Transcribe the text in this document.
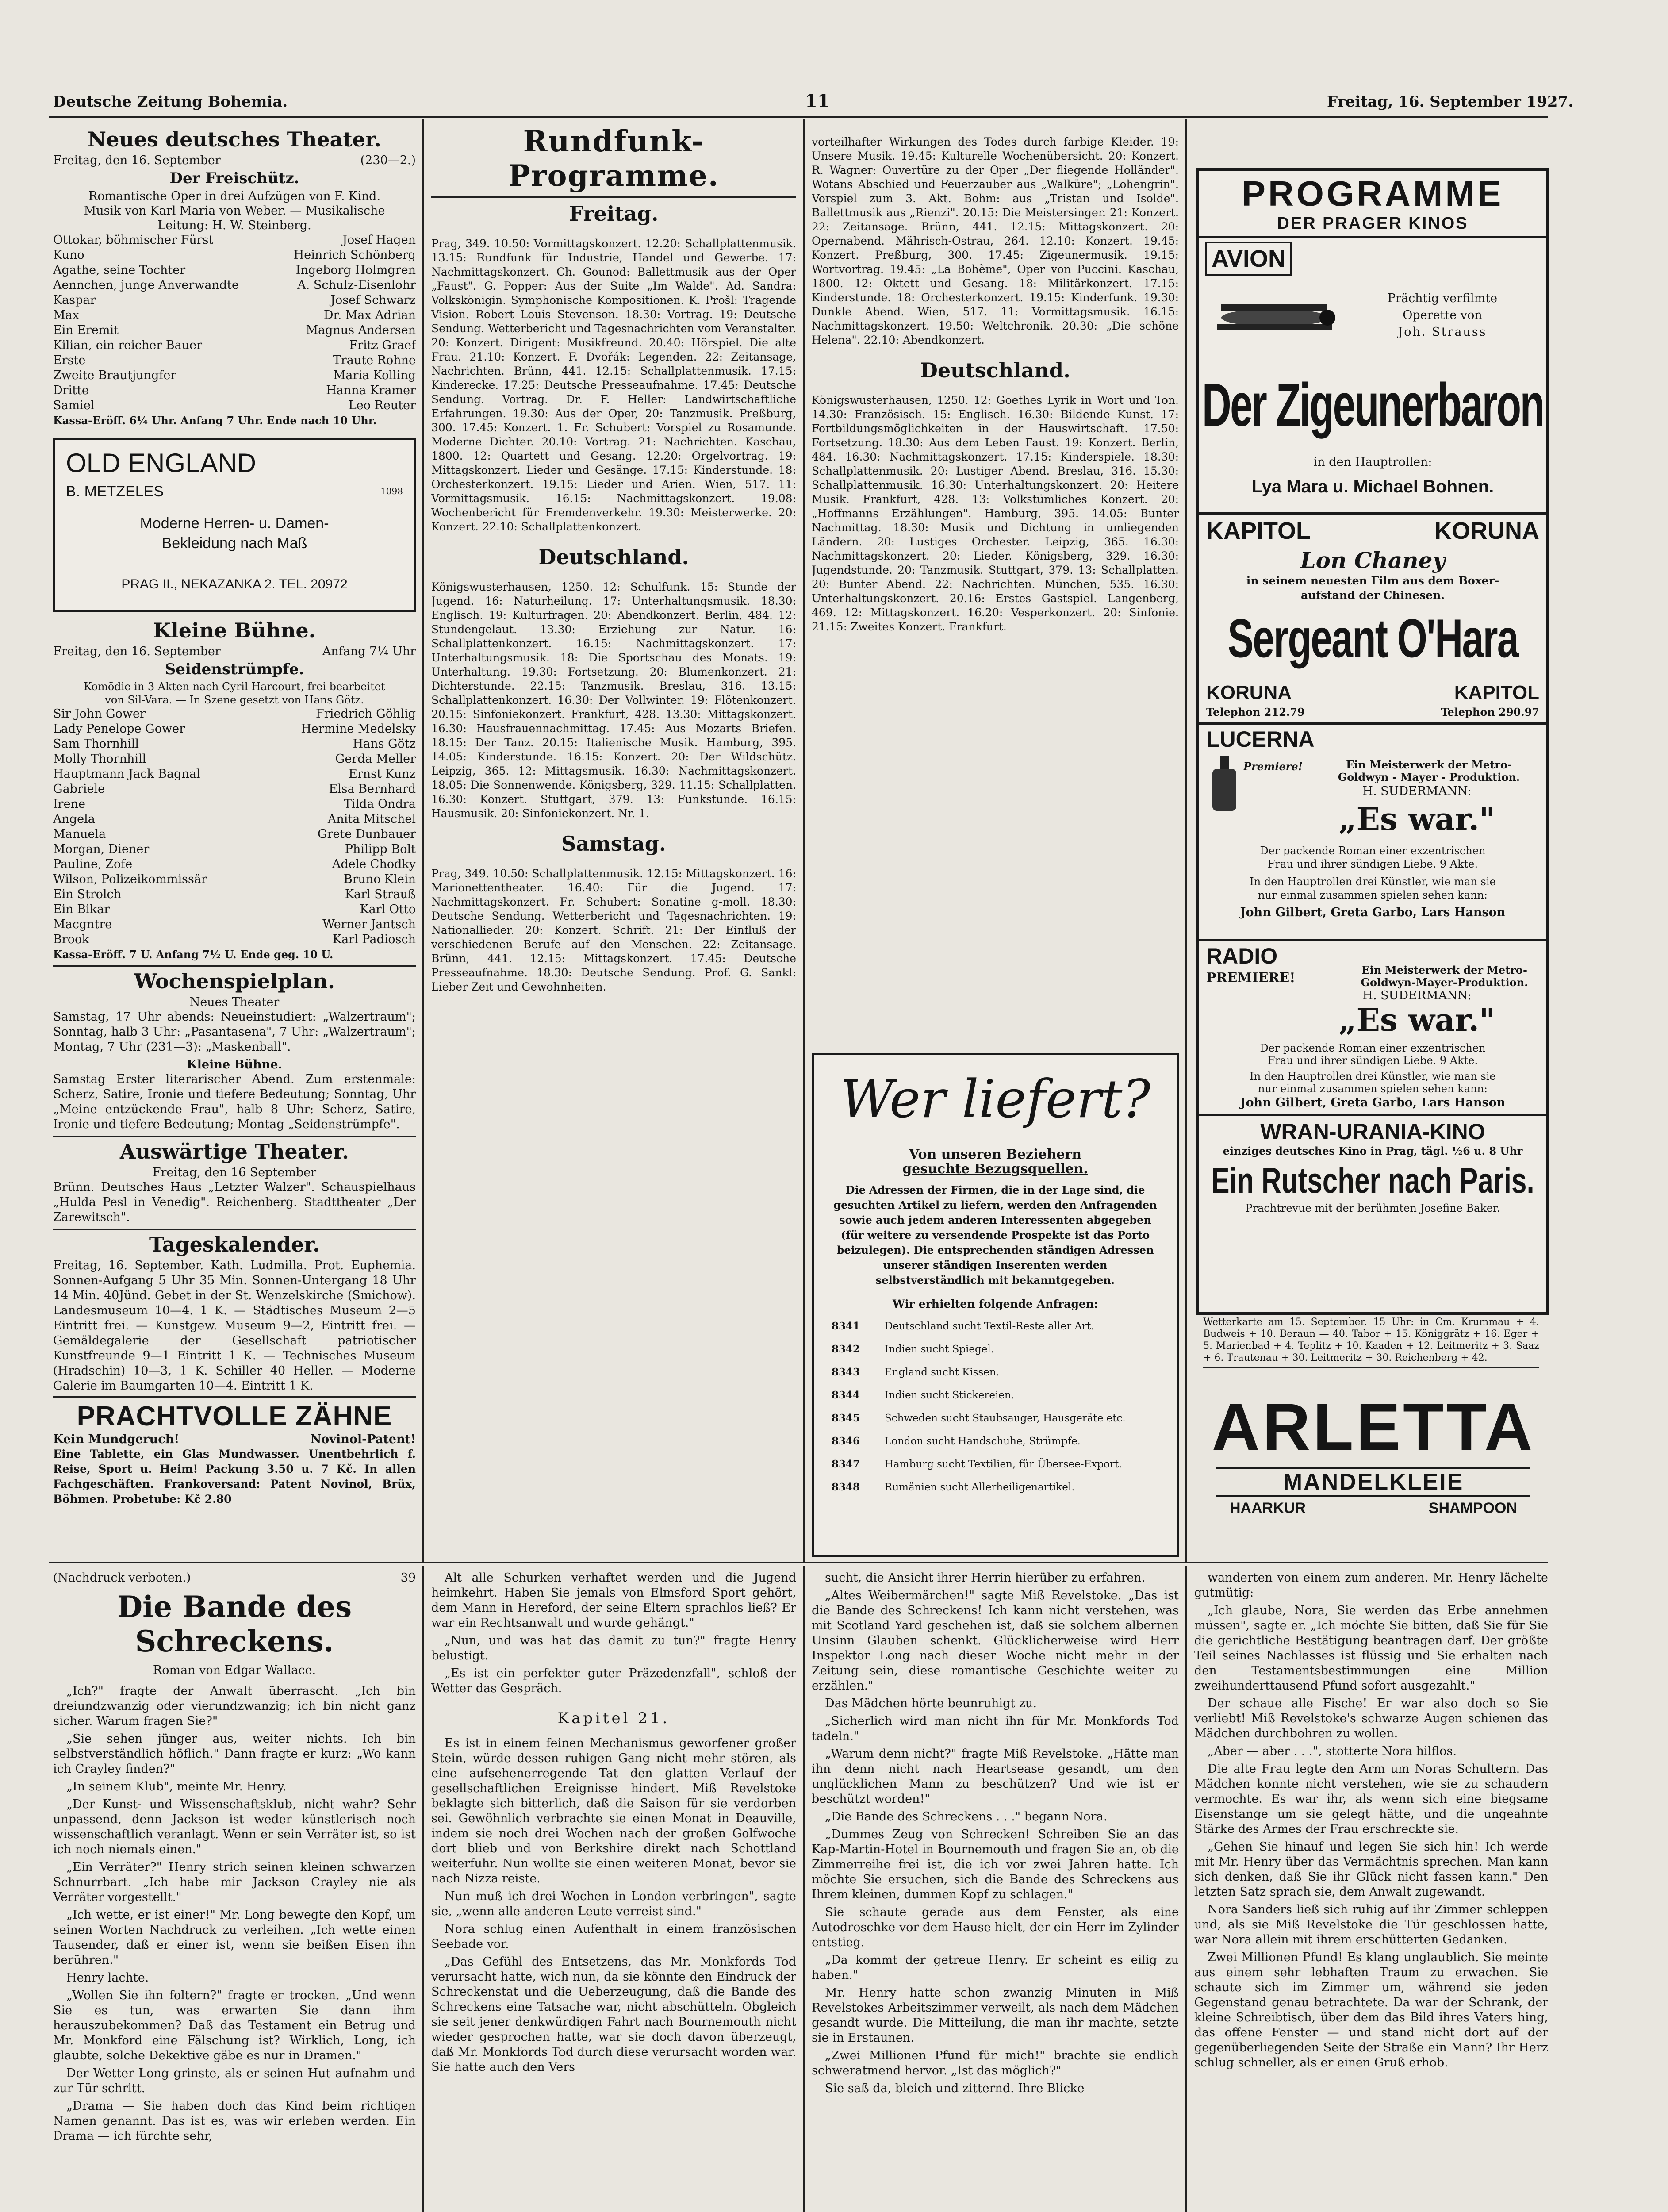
Deutsche Zeitung Bohemia.	11	Freitag, 16. September 1927.
Neues deutsches Theater.
Freitag, den 16. September	(230—2.)
Der Freischütz.
Romantische Oper in drei Aufzügen von F. Kind.
Musik von Karl Maria von Weber. — Musikalische
Leitung: H. W. Steinberg.
Ottokar, böhmischer Fürst	Josef Hagen
Kuno	Heinrich Schönberg
Agathe, seine Tochter	Ingeborg Holmgren
Aennchen, junge Anverwandte	A. Schulz-Eisenlohr
Kaspar	Josef Schwarz
Max	Dr. Max Adrian
Ein Eremit	Magnus Andersen
Kilian, ein reicher Bauer	Fritz Graef
Erste	Traute Rohne
Zweite Brautjungfer	Maria Kolling
Dritte	Hanna Kramer
Samiel	Leo Reuter
Kassa-Eröff. 6¼ Uhr. Anfang 7 Uhr. Ende nach 10 Uhr.
OLD ENGLAND
B. METZELES	1098
Moderne Herren- u. Damen-
Bekleidung nach Maß
PRAG II., NEKAZANKA 2. TEL. 20972
Kleine Bühne.
Freitag, den 16. September	Anfang 7¼ Uhr
Seidenstrümpfe.
Komödie in 3 Akten nach Cyril Harcourt, frei bearbeitet
von Sil-Vara. — In Szene gesetzt von Hans Götz.
Sir John Gower	Friedrich Göhlig
Lady Penelope Gower	Hermine Medelsky
Sam Thornhill	Hans Götz
Molly Thornhill	Gerda Meller
Hauptmann Jack Bagnal	Ernst Kunz
Gabriele	Elsa Bernhard
Irene	Tilda Ondra
Angela	Anita Mitschel
Manuela	Grete Dunbauer
Morgan, Diener	Philipp Bolt
Pauline, Zofe	Adele Chodky
Wilson, Polizeikommissär	Bruno Klein
Ein Strolch	Karl Strauß
Ein Bikar	Karl Otto
Macgntre	Werner Jantsch
Brook	Karl Padiosch
Kassa-Eröff. 7 U. Anfang 7½ U. Ende geg. 10 U.
Wochenspielplan.
Neues Theater

Samstag, 17 Uhr abends: Neueinstudiert: „Walzertraum"; Sonntag, halb 3 Uhr: „Pasantasena", 7 Uhr: „Walzertraum"; Montag, 7 Uhr (231—3): „Maskenball".

Kleine Bühne.

Samstag Erster literarischer Abend. Zum erstenmale: Scherz, Satire, Ironie und tiefere Bedeutung; Sonntag, Uhr „Meine entzückende Frau", halb 8 Uhr: Scherz, Satire, Ironie und tiefere Bedeutung; Montag „Seidenstrümpfe".

Auswärtige Theater.
Freitag, den 16 September

Brünn. Deutsches Haus „Letzter Walzer". Schauspielhaus „Hulda Pesl in Venedig". Reichenberg. Stadttheater „Der Zarewitsch".

Tageskalender.

Freitag, 16. September. Kath. Ludmilla. Prot. Euphemia. Sonnen-Aufgang 5 Uhr 35 Min. Sonnen-Untergang 18 Uhr 14 Min. 40Jünd. Gebet in der St. Wenzelskirche (Smichow). Landesmuseum 10—4. 1 K. — Städtisches Museum 2—5 Eintritt frei. — Kunstgew. Museum 9—2, Eintritt frei. — Gemäldegalerie der Gesellschaft patriotischer Kunstfreunde 9—1 Eintritt 1 K. — Technisches Museum (Hradschin) 10—3, 1 K. Schiller 40 Heller. — Moderne Galerie im Baumgarten 10—4. Eintritt 1 K.

PRACHTVOLLE ZÄHNE
Kein Mundgeruch!	Novinol-Patent!

Eine Tablette, ein Glas Mundwasser. Unentbehrlich f. Reise, Sport u. Heim! Packung 3.50 u. 7 Kč. In allen Fachgeschäften. Frankoversand: Patent Novinol, Brüx, Böhmen. Probetube: Kč 2.80

Rundfunk-Programme.
Freitag.

Prag, 349. 10.50: Vormittagskonzert. 12.20: Schallplattenmusik. 13.15: Rundfunk für Industrie, Handel und Gewerbe. 17: Nachmittagskonzert. Ch. Gounod: Ballettmusik aus der Oper „Faust". G. Popper: Aus der Suite „Im Walde". Ad. Sandra: Volkskönigin. Symphonische Kompositionen. K. Prošl: Tragende Vision. Robert Louis Stevenson. 18.30: Vortrag. 19: Deutsche Sendung. Wetterbericht und Tagesnachrichten vom Veranstalter. 20: Konzert. Dirigent: Musikfreund. 20.40: Hörspiel. Die alte Frau. 21.10: Konzert. F. Dvořák: Legenden. 22: Zeitansage, Nachrichten. Brünn, 441. 12.15: Schallplattenmusik. 17.15: Kinderecke. 17.25: Deutsche Presseaufnahme. 17.45: Deutsche Sendung. Vortrag. Dr. F. Heller: Landwirtschaftliche Erfahrungen. 19.30: Aus der Oper, 20: Tanzmusik. Preßburg, 300. 17.45: Konzert. 1. Fr. Schubert: Vorspiel zu Rosamunde. Moderne Dichter. 20.10: Vortrag. 21: Nachrichten. Kaschau, 1800. 12: Quartett und Gesang. 12.20: Orgelvortrag. 19: Mittagskonzert. Lieder und Gesänge. 17.15: Kinderstunde. 18: Orchesterkonzert. 19.15: Lieder und Arien. Wien, 517. 11: Vormittagsmusik. 16.15: Nachmittagskonzert. 19.08: Wochenbericht für Fremdenverkehr. 19.30: Meisterwerke. 20: Konzert. 22.10: Schallplattenkonzert.

Deutschland.

Königswusterhausen, 1250. 12: Schulfunk. 15: Stunde der Jugend. 16: Naturheilung. 17: Unterhaltungsmusik. 18.30: Englisch. 19: Kulturfragen. 20: Abendkonzert. Berlin, 484. 12: Stundengelaut. 13.30: Erziehung zur Natur. 16: Schallplattenkonzert. 16.15: Nachmittagskonzert. 17: Unterhaltungsmusik. 18: Die Sportschau des Monats. 19: Unterhaltung. 19.30: Fortsetzung. 20: Blumenkonzert. 21: Dichterstunde. 22.15: Tanzmusik. Breslau, 316. 13.15: Schallplattenkonzert. 16.30: Der Vollwinter. 19: Flötenkonzert. 20.15: Sinfoniekonzert. Frankfurt, 428. 13.30: Mittagskonzert. 16.30: Hausfrauennachmittag. 17.45: Aus Mozarts Briefen. 18.15: Der Tanz. 20.15: Italienische Musik. Hamburg, 395. 14.05: Kinderstunde. 16.15: Konzert. 20: Der Wildschütz. Leipzig, 365. 12: Mittagsmusik. 16.30: Nachmittagskonzert. 18.05: Die Sonnenwende. Königsberg, 329. 11.15: Schallplatten. 16.30: Konzert. Stuttgart, 379. 13: Funkstunde. 16.15: Hausmusik. 20: Sinfoniekonzert. Nr. 1.

Samstag.

Prag, 349. 10.50: Schallplattenmusik. 12.15: Mittagskonzert. 16: Marionettentheater. 16.40: Für die Jugend. 17: Nachmittagskonzert. Fr. Schubert: Sonatine g-moll. 18.30: Deutsche Sendung. Wetterbericht und Tagesnachrichten. 19: Nationallieder. 20: Konzert. Schrift. 21: Der Einfluß der verschiedenen Berufe auf den Menschen. 22: Zeitansage. Brünn, 441. 12.15: Mittagskonzert. 17.45: Deutsche Presseaufnahme. 18.30: Deutsche Sendung. Prof. G. Sankl: Lieber Zeit und Gewohnheiten.

vorteilhafter Wirkungen des Todes durch farbige Kleider. 19: Unsere Musik. 19.45: Kulturelle Wochenübersicht. 20: Konzert. R. Wagner: Ouvertüre zu der Oper „Der fliegende Holländer". Wotans Abschied und Feuerzauber aus „Walküre"; „Lohengrin". Vorspiel zum 3. Akt. Bohm: aus „Tristan und Isolde". Ballettmusik aus „Rienzi". 20.15: Die Meistersinger. 21: Konzert. 22: Zeitansage. Brünn, 441. 12.15: Mittagskonzert. 20: Opernabend. Mährisch-Ostrau, 264. 12.10: Konzert. 19.45: Konzert. Preßburg, 300. 17.45: Zigeunermusik. 19.15: Wortvortrag. 19.45: „La Bohème", Oper von Puccini. Kaschau, 1800. 12: Oktett und Gesang. 18: Militärkonzert. 17.15: Kinderstunde. 18: Orchesterkonzert. 19.15: Kinderfunk. 19.30: Dunkle Abend. Wien, 517. 11: Vormittagsmusik. 16.15: Nachmittagskonzert. 19.50: Weltchronik. 20.30: „Die schöne Helena". 22.10: Abendkonzert.

Deutschland.

Königswusterhausen, 1250. 12: Goethes Lyrik in Wort und Ton. 14.30: Französisch. 15: Englisch. 16.30: Bildende Kunst. 17: Fortbildungsmöglichkeiten in der Hauswirtschaft. 17.50: Fortsetzung. 18.30: Aus dem Leben Faust. 19: Konzert. Berlin, 484. 16.30: Nachmittagskonzert. 17.15: Kinderspiele. 18.30: Schallplattenmusik. 20: Lustiger Abend. Breslau, 316. 15.30: Schallplattenmusik. 16.30: Unterhaltungskonzert. 20: Heitere Musik. Frankfurt, 428. 13: Volkstümliches Konzert. 20: „Hoffmanns Erzählungen". Hamburg, 395. 14.05: Bunter Nachmittag. 18.30: Musik und Dichtung in umliegenden Ländern. 20: Lustiges Orchester. Leipzig, 365. 16.30: Nachmittagskonzert. 20: Lieder. Königsberg, 329. 16.30: Jugendstunde. 20: Tanzmusik. Stuttgart, 379. 13: Schallplatten. 20: Bunter Abend. 22: Nachrichten. München, 535. 16.30: Unterhaltungskonzert. 20.16: Erstes Gastspiel. Langenberg, 469. 12: Mittagskonzert. 16.20: Vesperkonzert. 20: Sinfonie. 21.15: Zweites Konzert. Frankfurt.

Wer liefert?
Von unseren Beziehern
gesuchte Bezugsquellen.

Die Adressen der Firmen, die in der Lage sind, die gesuchten Artikel zu liefern, werden den Anfragenden sowie auch jedem anderen Interessenten abgegeben (für weitere zu versendende Prospekte ist das Porto beizulegen). Die entsprechenden ständigen Adressen unserer ständigen Inserenten werden selbstverständlich mit bekanntgegeben.

Wir erhielten folgende Anfragen:
8341 Deutschland sucht Textil-Reste aller Art.
8342 Indien sucht Spiegel.
8343 England sucht Kissen.
8344 Indien sucht Stickereien.
8345 Schweden sucht Staubsauger, Hausgeräte etc.
8346 London sucht Handschuhe, Strümpfe.
8347 Hamburg sucht Textilien, für Übersee-Export.
8348 Rumänien sucht Allerheiligenartikel.
PROGRAMME
DER PRAGER KINOS
AVION
Prächtig verfilmte
Operette von
Joh. Strauss
Der Zigeunerbaron
in den Hauptrollen:
Lya Mara u. Michael Bohnen.
KAPITOL	KORUNA
Lon Chaney
in seinem neuesten Film aus dem Boxer-
aufstand der Chinesen.
Sergeant O'Hara
KORUNA	KAPITOL
Telephon 212.79	Telephon 290.97
LUCERNA
Premiere!	Ein Meisterwerk der Metro-
Goldwyn - Mayer - Produktion.
H. SUDERMANN:
„Es war."
Der packende Roman einer exzentrischen
Frau und ihrer sündigen Liebe. 9 Akte.
In den Hauptrollen drei Künstler, wie man sie
nur einmal zusammen spielen sehen kann:
John Gilbert, Greta Garbo, Lars Hanson
RADIO
PREMIERE!
Ein Meisterwerk der Metro-
Goldwyn-Mayer-Produktion.
H. SUDERMANN:
„Es war."
Der packende Roman einer exzentrischen
Frau und ihrer sündigen Liebe. 9 Akte.
In den Hauptrollen drei Künstler, wie man sie
nur einmal zusammen spielen sehen kann:
John Gilbert, Greta Garbo, Lars Hanson
WRAN-URANIA-KINO
einziges deutsches Kino in Prag, tägl. ½6 u. 8 Uhr
Ein Rutscher nach Paris.
Prachtrevue mit der berühmten Josefine Baker.

Wetterkarte am 15. September. 15 Uhr: in Cm. Krummau + 4. Budweis + 10. Beraun — 40. Tabor + 15. Königgrätz + 16. Eger + 5. Marienbad + 4. Teplitz + 10. Kaaden + 12. Leitmeritz + 3. Saaz + 6. Trautenau + 30. Leitmeritz + 30. Reichenberg + 42.

ARLETTA
MANDELKLEIE
HAARKUR	SHAMPOON
(Nachdruck verboten.)	39
Die Bande des Schreckens.
Roman von Edgar Wallace.

„Ich?" fragte der Anwalt überrascht. „Ich bin dreiundzwanzig oder vierundzwanzig; ich bin nicht ganz sicher. Warum fragen Sie?"

„Sie sehen jünger aus, weiter nichts. Ich bin selbstverständlich höflich." Dann fragte er kurz: „Wo kann ich Crayley finden?"

„In seinem Klub", meinte Mr. Henry.

„Der Kunst- und Wissenschaftsklub, nicht wahr? Sehr unpassend, denn Jackson ist weder künstlerisch noch wissenschaftlich veranlagt. Wenn er sein Verräter ist, so ist ich noch niemals einen."

„Ein Verräter?" Henry strich seinen kleinen schwarzen Schnurrbart. „Ich habe mir Jackson Crayley nie als Verräter vorgestellt."

„Ich wette, er ist einer!" Mr. Long bewegte den Kopf, um seinen Worten Nachdruck zu verleihen. „Ich wette einen Tausender, daß er einer ist, wenn sie beißen Eisen ihn berühren."

Henry lachte.

„Wollen Sie ihn foltern?" fragte er trocken. „Und wenn Sie es tun, was erwarten Sie dann ihm herauszubekommen? Daß das Testament ein Betrug und Mr. Monkford eine Fälschung ist? Wirklich, Long, ich glaubte, solche Dekektive gäbe es nur in Dramen."

Der Wetter Long grinste, als er seinen Hut aufnahm und zur Tür schritt.

„Drama — Sie haben doch das Kind beim richtigen Namen genannt. Das ist es, was wir erleben werden. Ein Drama — ich fürchte sehr,

Alt alle Schurken verhaftet werden und die Jugend heimkehrt. Haben Sie jemals von Elmsford Sport gehört, dem Mann in Hereford, der seine Eltern sprachlos ließ? Er war ein Rechtsanwalt und wurde gehängt."

„Nun, und was hat das damit zu tun?" fragte Henry belustigt.

„Es ist ein perfekter guter Präzedenzfall", schloß der Wetter das Gespräch.

Kapitel 21.

Es ist in einem feinen Mechanismus geworfener großer Stein, würde dessen ruhigen Gang nicht mehr stören, als eine aufsehenerregende Tat den glatten Verlauf der gesellschaftlichen Ereignisse hindert. Miß Revelstoke beklagte sich bitterlich, daß die Saison für sie verdorben sei. Gewöhnlich verbrachte sie einen Monat in Deauville, indem sie noch drei Wochen nach der großen Golfwoche dort blieb und von Berkshire direkt nach Schottland weiterfuhr. Nun wollte sie einen weiteren Monat, bevor sie nach Nizza reiste.

Nun muß ich drei Wochen in London verbringen", sagte sie, „wenn alle anderen Leute verreist sind."

Nora schlug einen Aufenthalt in einem französischen Seebade vor.

„Das Gefühl des Entsetzens, das Mr. Monkfords Tod verursacht hatte, wich nun, da sie könnte den Eindruck der Schreckenstat und die Ueberzeugung, daß die Bande des Schreckens eine Tatsache war, nicht abschütteln. Obgleich sie seit jener denkwürdigen Fahrt nach Bournemouth nicht wieder gesprochen hatte, war sie doch davon überzeugt, daß Mr. Monkfords Tod durch diese verursacht worden war. Sie hatte auch den Vers

sucht, die Ansicht ihrer Herrin hierüber zu erfahren.

„Altes Weibermärchen!" sagte Miß Revelstoke. „Das ist die Bande des Schreckens! Ich kann nicht verstehen, was mit Scotland Yard geschehen ist, daß sie solchem albernen Unsinn Glauben schenkt. Glücklicherweise wird Herr Inspektor Long nach dieser Woche nicht mehr in der Zeitung sein, diese romantische Geschichte weiter zu erzählen."

Das Mädchen hörte beunruhigt zu.

„Sicherlich wird man nicht ihn für Mr. Monkfords Tod tadeln."

„Warum denn nicht?" fragte Miß Revelstoke. „Hätte man ihn denn nicht nach Heartsease gesandt, um den unglücklichen Mann zu beschützen? Und wie ist er beschützt worden!"

„Die Bande des Schreckens . . ." begann Nora.

„Dummes Zeug von Schrecken! Schreiben Sie an das Kap-Martin-Hotel in Bournemouth und fragen Sie an, ob die Zimmerreihe frei ist, die ich vor zwei Jahren hatte. Ich möchte Sie ersuchen, sich die Bande des Schreckens aus Ihrem kleinen, dummen Kopf zu schlagen."

Sie schaute gerade aus dem Fenster, als eine Autodroschke vor dem Hause hielt, der ein Herr im Zylinder entstieg.

„Da kommt der getreue Henry. Er scheint es eilig zu haben."

Mr. Henry hatte schon zwanzig Minuten in Miß Revelstokes Arbeitszimmer verweilt, als nach dem Mädchen gesandt wurde. Die Mitteilung, die man ihr machte, setzte sie in Erstaunen.

„Zwei Millionen Pfund für mich!" brachte sie endlich schweratmend hervor. „Ist das möglich?"

Sie saß da, bleich und zitternd. Ihre Blicke

wanderten von einem zum anderen. Mr. Henry lächelte gutmütig:

„Ich glaube, Nora, Sie werden das Erbe annehmen müssen", sagte er. „Ich möchte Sie bitten, daß Sie für Sie die gerichtliche Bestätigung beantragen darf. Der größte Teil seines Nachlasses ist flüssig und Sie erhalten nach den Testamentsbestimmungen eine Million zweihunderttausend Pfund sofort ausgezahlt."

Der schaue alle Fische! Er war also doch so Sie verliebt! Miß Revelstoke's schwarze Augen schienen das Mädchen durchbohren zu wollen.

„Aber — aber . . .", stotterte Nora hilflos.

Die alte Frau legte den Arm um Noras Schultern. Das Mädchen konnte nicht verstehen, wie sie zu schaudern vermochte. Es war ihr, als wenn sich eine biegsame Eisenstange um sie gelegt hätte, und die ungeahnte Stärke des Armes der Frau erschreckte sie.

„Gehen Sie hinauf und legen Sie sich hin! Ich werde mit Mr. Henry über das Vermächtnis sprechen. Man kann sich denken, daß Sie ihr Glück nicht fassen kann." Den letzten Satz sprach sie, dem Anwalt zugewandt.

Nora Sanders ließ sich ruhig auf ihr Zimmer schleppen und, als sie Miß Revelstoke die Tür geschlossen hatte, war Nora allein mit ihrem erschütterten Gedanken.

Zwei Millionen Pfund! Es klang unglaublich. Sie meinte aus einem sehr lebhaften Traum zu erwachen. Sie schaute sich im Zimmer um, während sie jeden Gegenstand genau betrachtete. Da war der Schrank, der kleine Schreibtisch, über dem das Bild ihres Vaters hing, das offene Fenster — und stand nicht dort auf der gegenüberliegenden Seite der Straße ein Mann? Ihr Herz schlug schneller, als er einen Gruß erhob.
